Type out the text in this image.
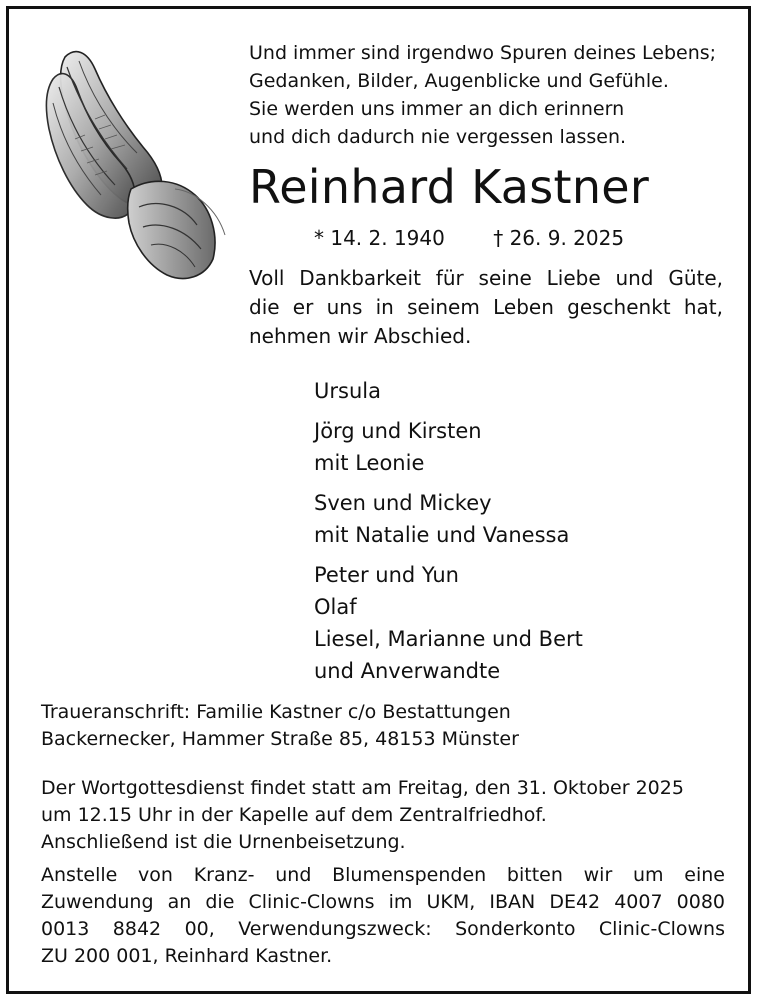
Und immer sind irgendwo Spuren deines Lebens;
Gedanken, Bilder, Augenblicke und Gefühle.
Sie werden uns immer an dich erinnern
und dich dadurch nie vergessen lassen.
Reinhard Kastner
* 14. 2. 1940 † 26. 9. 2025
Voll Dankbarkeit für seine Liebe und Güte,
die er uns in seinem Leben geschenkt hat,
nehmen wir Abschied.
Ursula
Jörg und Kirsten
mit Leonie
Sven und Mickey
mit Natalie und Vanessa
Peter und Yun
Olaf
Liesel, Marianne und Bert
und Anverwandte
Traueranschrift: Familie Kastner c/o Bestattungen
Backernecker, Hammer Straße 85, 48153 Münster
Der Wortgottesdienst findet statt am Freitag, den 31. Oktober 2025
um 12.15 Uhr in der Kapelle auf dem Zentralfriedhof.
Anschließend ist die Urnenbeisetzung.
Anstelle von Kranz- und Blumenspenden bitten wir um eine
Zuwendung an die Clinic-Clowns im UKM, IBAN DE42 4007 0080
0013 8842 00, Verwendungszweck: Sonderkonto Clinic-Clowns
ZU 200 001, Reinhard Kastner.
